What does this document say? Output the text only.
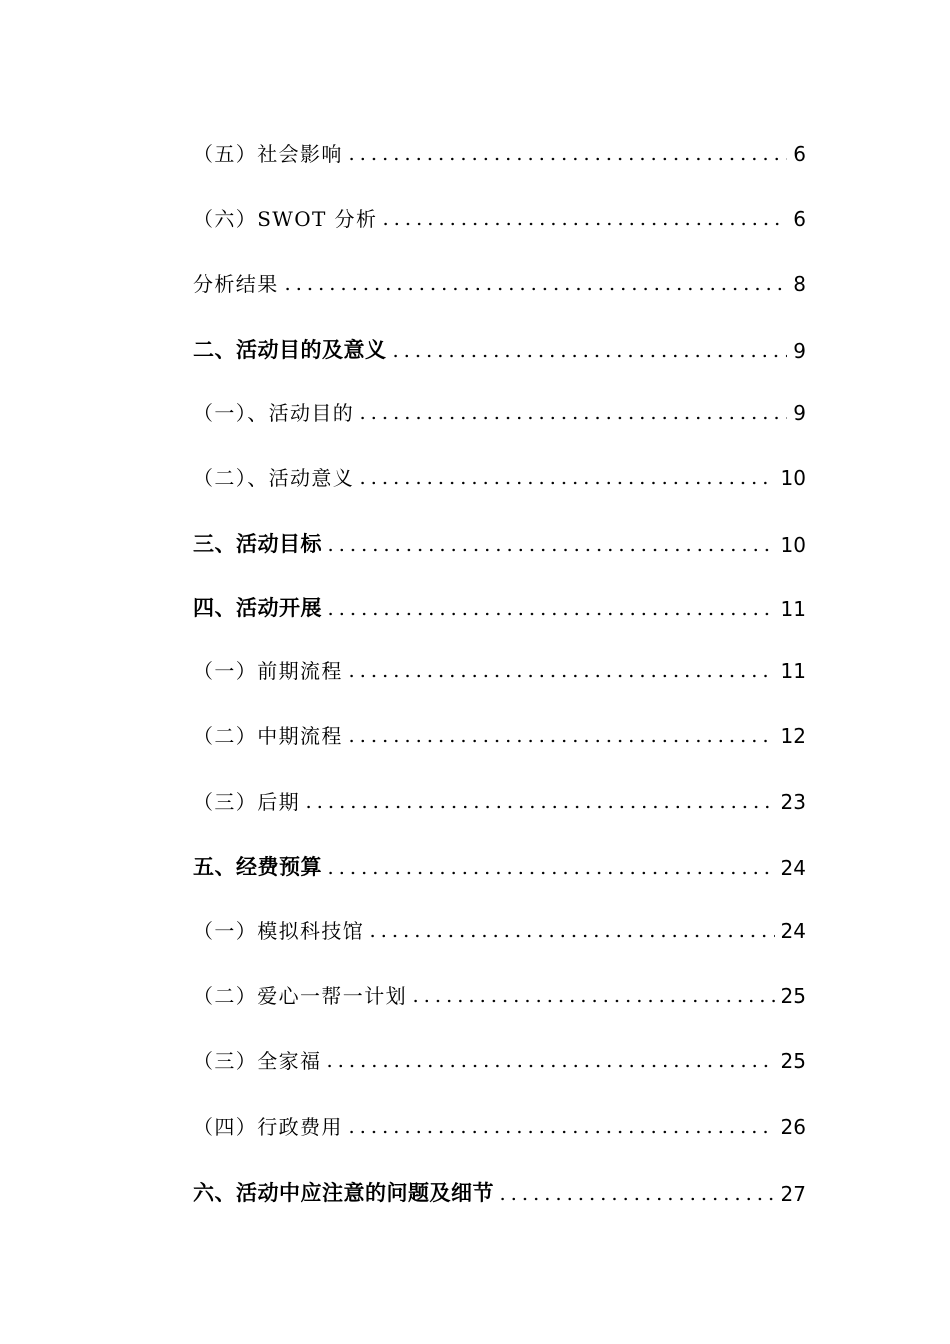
（五）社会影响	6
（六）SWOT 分析	6
分析结果	8
二、活动目的及意义	9
（一）、活动目的	9
（二）、活动意义	10
三、活动目标	10
四、活动开展	11
（一）前期流程	11
（二）中期流程	12
（三）后期	23
五、经费预算	24
（一）模拟科技馆	24
（二）爱心一帮一计划	25
（三）全家福	25
（四）行政费用	26
六、活动中应注意的问题及细节	27
